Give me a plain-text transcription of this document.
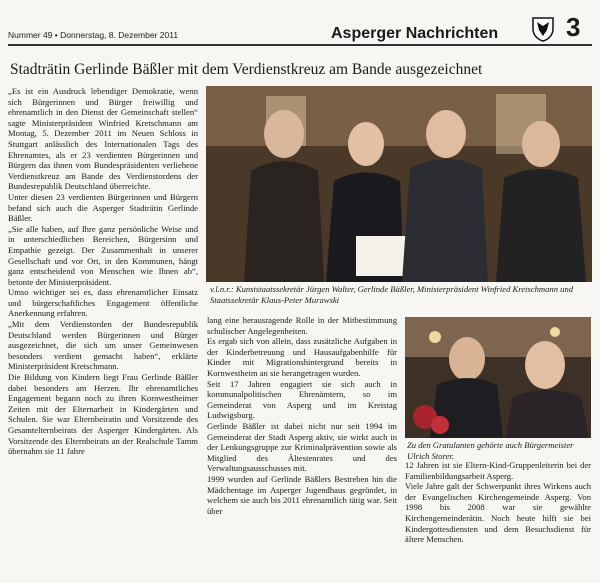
Nummer 49 • Donnerstag, 8. Dezember 2011	Asperger Nachrichten	3
Stadträtin Gerlinde Bäßler mit dem Verdienstkreuz am Bande ausgezeichnet

„Es ist ein Ausdruck lebendiger Demokratie, wenn sich Bürgerinnen und Bürger freiwillig und ehrenamtlich in den Dienst der Gemeinschaft stellen“ sagte Ministerpräsident Winfried Kretschmann am Montag, 5. Dezember 2011 im Neuen Schloss in Stuttgart anlässlich des Internationalen Tags des Ehrenamtes, als er 23 verdienten Bürgerinnen und Bürgern das ihnen vom Bundespräsidenten verliehene Verdienstkreuz am Bande des Verdienstordens der Bundesrepublik Deutschland überreichte.

Unter diesen 23 verdienten Bürgerinnen und Bürgern befand sich auch die Asperger Stadträtin Gerlinde Bäßler.

„Sie alle haben, auf Ihre ganz persönliche Weise und in unterschiedlichen Bereichen, Bürgersinn und Empathie gezeigt. Der Zusammenhalt in unserer Gesellschaft und vor Ort, in den Kommunen, hängt ganz entscheidend von Menschen wie Ihnen ab“, betonte der Ministerpräsident.

Umso wichtiger sei es, dass ehrenamtlicher Einsatz und bürgerschaftliches Engagement öffentliche Anerkennung erfahren.

„Mit dem Verdienstorden der Bundesrepublik Deutschland werden Bürgerinnen und Bürger ausgezeichnet, die sich um unser Gemeinwesen besonders verdient gemacht haben“, erklärte Ministerpräsident Kretschmann.

Die Bildung von Kindern liegt Frau Gerlinde Bäßler dabei besonders am Herzen. Ihr ehrenamtliches Engagement begann noch zu ihren Kornwestheimer Zeiten mit der Elternarbeit in Kindergärten und Schulen. Sie war Elternbeiratin und Vorsitzende des Gesamtelternbeirats der Asperger Kindergärten. Als Vorsitzende des Elternbeirats an der Realschule Tamm übernahm sie 11 Jahre

v.l.n.r.: Kunststaatssekretär Jürgen Walter, Gerlinde Bäßler, Ministerpräsident Winfried Kretschmann und Staatssekretär Klaus-Peter Murawski

lang eine herausragende Rolle in der Mitbestimmung schulischer Angelegenheiten.

Es ergab sich von allein, dass zusätzliche Aufgaben in der Kinderbetreuung und Hausaufgabenhilfe für Kinder mit Migrationshintergrund bereits in Kornwestheim an sie herangetragen wurden.

Seit 17 Jahren engagiert sie sich auch in kommunalpolitischen Ehrenämtern, so im Gemeinderat von Asperg und im Kreistag Ludwigsburg.

Gerlinde Bäßler ist dabei nicht nur seit 1994 im Gemeinderat der Stadt Asperg aktiv, sie wirkt auch in der Lenkungsgruppe zur Kriminalprävention sowie als Mitglied des Ältestenrates und des Verwaltungsausschusses mit.

1999 wurden auf Gerlinde Bäßlers Bestreben hin die Mädchentage im Asperger Jugendhaus gegründet, in welchem sie auch bis 2011 ehrenamtlich tätig war. Seit über

Zu den Gratulanten gehörte auch Bürgermeister Ulrich Storer.

12 Jahren ist sie Eltern-Kind-Gruppenleiterin bei der Familienbildungsarbeit Asperg.

Viele Jahre galt der Schwerpunkt ihres Wirkens auch der Evangelischen Kirchengemeinde Asperg. Von 1998 bis 2008 war sie gewählte Kirchengemeinderätin. Noch heute hilft sie bei Kindergottesdiensten und dem Besuchsdienst für ältere Menschen.
